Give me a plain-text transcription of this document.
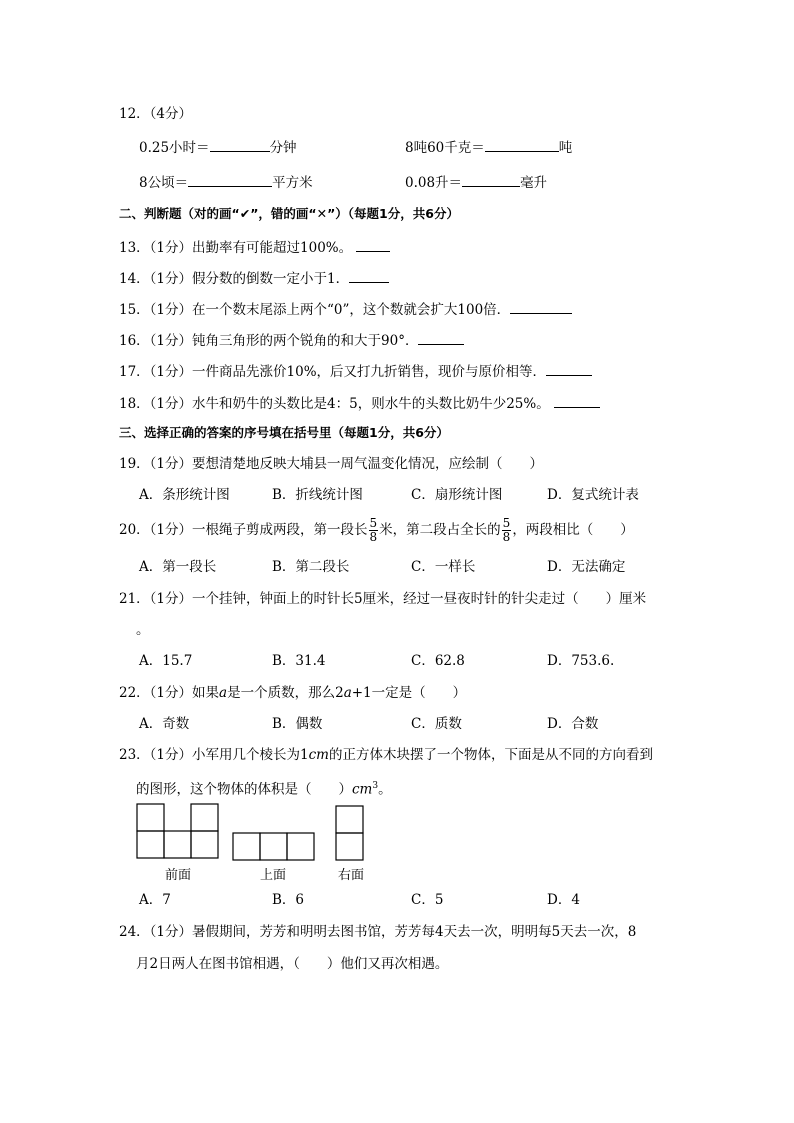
12．（4分）
0.25小时＝	分钟	8吨60千克＝	吨
8公顷＝	平方米	0.08升＝	毫升
二、判断题（对的画“✔”，错的画“✕”）（每题1分，共6分）
13．（1分）出勤率有可能超过100%。
14．（1分）假分数的倒数一定小于1．
15．（1分）在一个数末尾添上两个“0”，这个数就会扩大100倍．
16．（1分）钝角三角形的两个锐角的和大于90°．
17．（1分）一件商品先涨价10%，后又打九折销售，现价与原价相等．
18．（1分）水牛和奶牛的头数比是4：5，则水牛的头数比奶牛少25%。
三、选择正确的答案的序号填在括号里（每题1分，共6分）
19．（1分）要想清楚地反映大埔县一周气温变化情况，应绘制（　　）
A．条形统计图	B．折线统计图	C．扇形统计图	D．复式统计表
20．（1分）一根绳子剪成两段，第一段长 $\frac{5}{8}$ 米，第二段占全长的 $\frac{5}{8}$ ，两段相比（　　）
A．第一段长	B．第二段长	C．一样长	D．无法确定
21．（1分）一个挂钟，钟面上的时针长5厘米，经过一昼夜时针的针尖走过（　　）厘米
。
A．15.7	B．31.4	C．62.8	D．753.6.
22．（1分）如果a是一个质数，那么2a+1一定是（　　）
A．奇数	B．偶数	C．质数	D．合数
23．（1分）小军用几个棱长为1cm的正方体木块摆了一个物体，下面是从不同的方向看到
的图形，这个物体的体积是（　　）$cm^3$。
前面	上面	右面
A．7	B．6	C．5	D．4
24．（1分）暑假期间，芳芳和明明去图书馆，芳芳每4天去一次，明明每5天去一次，8
月2日两人在图书馆相遇，（　　）他们又再次相遇。
